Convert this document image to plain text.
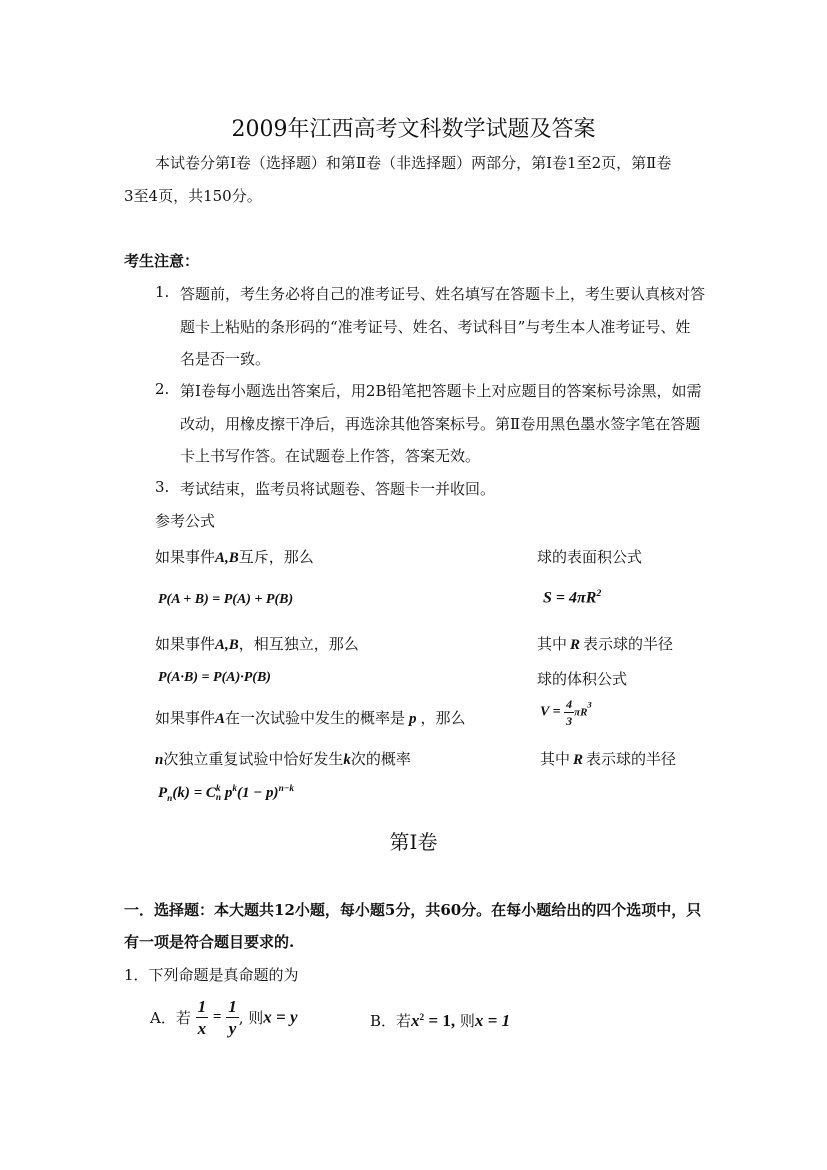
2009年江西高考文科数学试题及答案
本试卷分第Ⅰ卷（选择题）和第Ⅱ卷（非选择题）两部分，第Ⅰ卷1至2页，第Ⅱ卷
3至4页，共150分。
考生注意：
1. 答题前，考生务必将自己的准考证号、姓名填写在答题卡上，考生要认真核对答
题卡上粘贴的条形码的“准考证号、姓名、考试科目”与考生本人准考证号、姓
名是否一致。
2. 第Ⅰ卷每小题选出答案后，用2B铅笔把答题卡上对应题目的答案标号涂黑，如需
改动，用橡皮擦干净后，再选涂其他答案标号。第Ⅱ卷用黑色墨水签字笔在答题
卡上书写作答。在试题卷上作答，答案无效。
3. 考试结束，监考员将试题卷、答题卡一并收回。
参考公式
如果事件A,B互斥，那么
P(A + B) = P(A) + P(B)
如果事件A,B，相互独立，那么
P(A·B) = P(A)·P(B)
如果事件A在一次试验中发生的概率是 p ，那么
n次独立重复试验中恰好发生k次的概率
$P_n(k) = C$ k
n $p^k(1 - p)^{n-k}$
球的表面积公式
$S = 4\pi R^2$
其中 R 表示球的半径
球的体积公式
$V = \frac{4}{3} \pi R^3$
其中 R 表示球的半径
第Ⅰ卷
一．选择题：本大题共12小题，每小题5分，共60分。在每小题给出的四个选项中，只
有一项是符合题目要求的.
1．下列命题是真命题的为
A．若 $\frac{1}{x} = \frac{1}{y}$ , 则x = y	B．若$x^2 = 1$, 则x = 1
